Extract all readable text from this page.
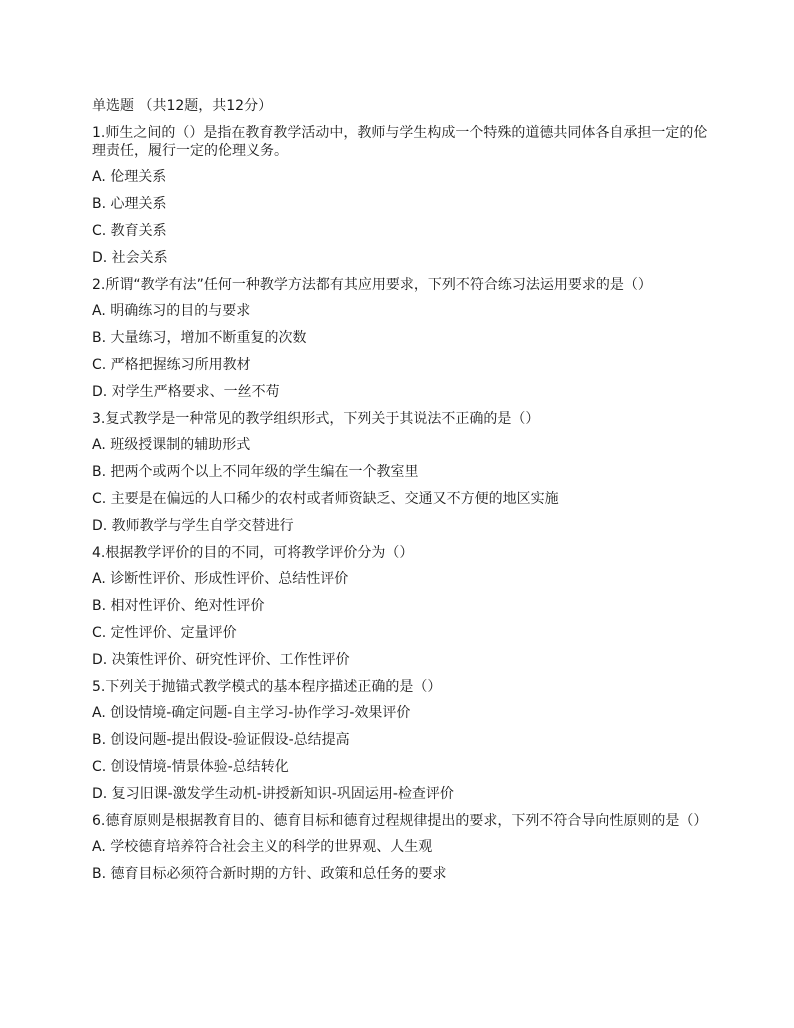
单选题 （共12题，共12分）
1.师生之间的（）是指在教育教学活动中，教师与学生构成一个特殊的道德共同体各自承担一定的伦理责任，履行一定的伦理义务。
A. 伦理关系
B. 心理关系
C. 教育关系
D. 社会关系
2.所谓“教学有法”任何一种教学方法都有其应用要求，下列不符合练习法运用要求的是（）
A. 明确练习的目的与要求
B. 大量练习，增加不断重复的次数
C. 严格把握练习所用教材
D. 对学生严格要求、一丝不苟
3.复式教学是一种常见的教学组织形式，下列关于其说法不正确的是（）
A. 班级授课制的辅助形式
B. 把两个或两个以上不同年级的学生编在一个教室里
C. 主要是在偏远的人口稀少的农村或者师资缺乏、交通又不方便的地区实施
D. 教师教学与学生自学交替进行
4.根据教学评价的目的不同，可将教学评价分为（）
A. 诊断性评价、形成性评价、总结性评价
B. 相对性评价、绝对性评价
C. 定性评价、定量评价
D. 决策性评价、研究性评价、工作性评价
5.下列关于抛锚式教学模式的基本程序描述正确的是（）
A. 创设情境-确定问题-自主学习-协作学习-效果评价
B. 创设问题-提出假设-验证假设-总结提高
C. 创设情境-情景体验-总结转化
D. 复习旧课-激发学生动机-讲授新知识-巩固运用-检查评价
6.德育原则是根据教育目的、德育目标和德育过程规律提出的要求，下列不符合导向性原则的是（）
A. 学校德育培养符合社会主义的科学的世界观、人生观
B. 德育目标必须符合新时期的方针、政策和总任务的要求
